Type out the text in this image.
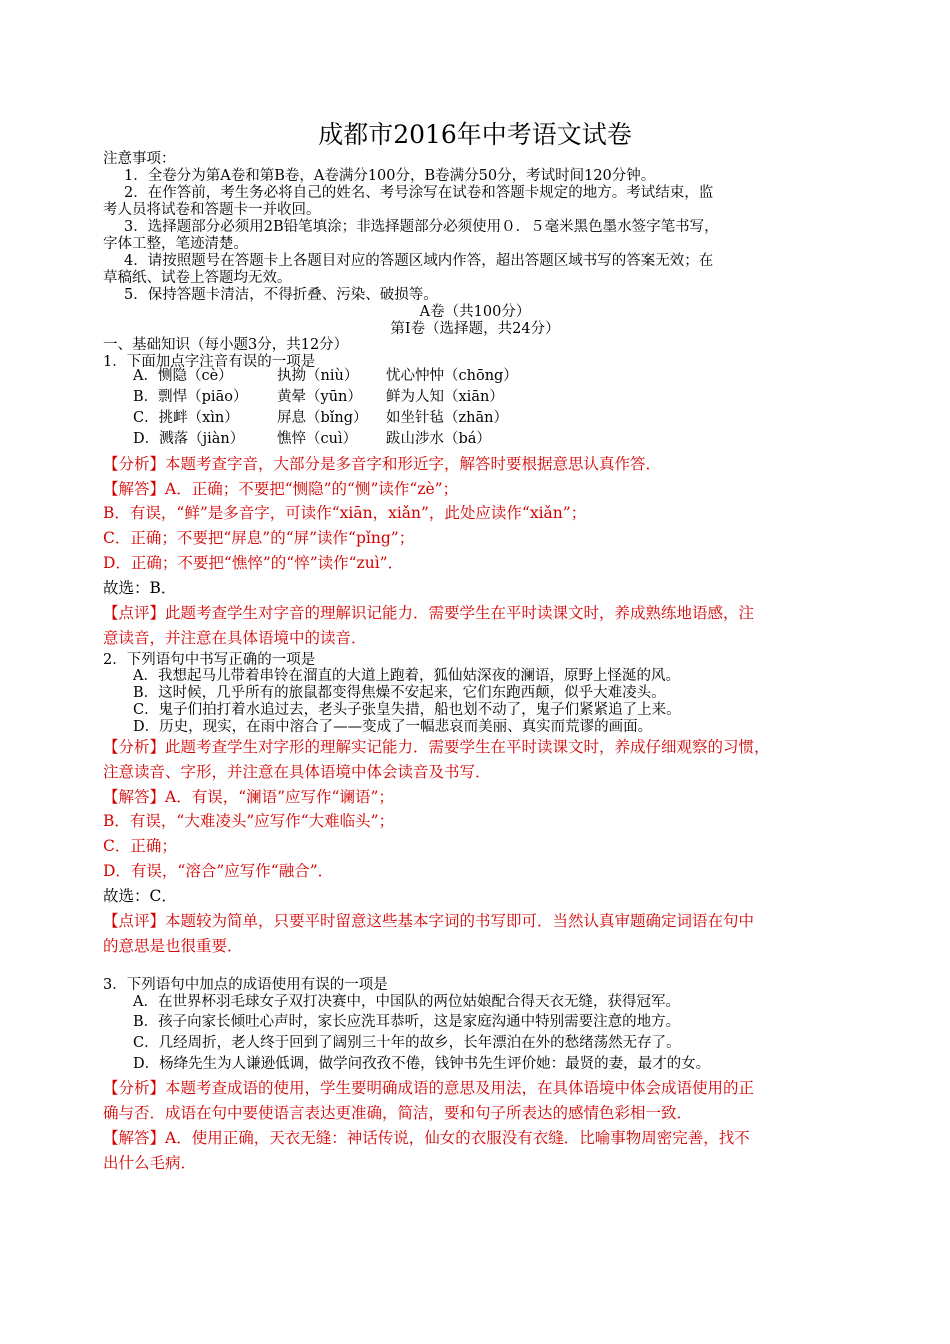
成都市2016年中考语文试卷
注意事项：
1．全卷分为第A卷和第B卷，A卷满分100分，B卷满分50分，考试时间120分钟。
2．在作答前，考生务必将自己的姓名、考号涂写在试卷和答题卡规定的地方。考试结束，监
考人员将试卷和答题卡一并收回。
3．选择题部分必须用2B铅笔填涂；非选择题部分必须使用０．５毫米黑色墨水签字笔书写，
字体工整，笔迹清楚。
4．请按照题号在答题卡上各题目对应的答题区域内作答，超出答题区域书写的答案无效；在
草稿纸、试卷上答题均无效。
5．保持答题卡清洁，不得折叠、污染、破损等。
A卷（共100分）
第Ⅰ卷（选择题，共24分）
一、基础知识（每小题3分，共12分）
1．下面加点字注音有误的一项是
A．恻隐（cè）	执拗（niù） 忧心忡忡（chōng）
B．剽悍（piāo） 黄晕（yūn） 鲜为人知（xiān）
C．挑衅（xìn）	屏息（bǐng） 如坐针毡（zhān）
D．溅落（jiàn） 憔悴（cuì） 跋山涉水（bá）
【分析】本题考查字音，大部分是多音字和形近字，解答时要根据意思认真作答．
【解答】A．正确；不要把“恻隐”的“恻”读作“zè”；
B．有误，“鲜”是多音字，可读作“xiān，xiǎn”，此处应读作“xiǎn”；
C．正确；不要把“屏息”的“屏”读作“pǐng”；
D．正确；不要把“憔悴”的“悴”读作“zuì”．
故选：B．
【点评】此题考查学生对字音的理解识记能力．需要学生在平时读课文时，养成熟练地语感，注
意读音，并注意在具体语境中的读音．
2．下列语句中书写正确的一项是
A．我想起马儿带着串铃在溜直的大道上跑着，狐仙姑深夜的澜语，原野上怪涎的风。
B．这时候，几乎所有的旅鼠都变得焦燥不安起来，它们东跑西颠，似乎大难凌头。
C．鬼子们拍打着水追过去，老头子张皇失措，船也划不动了，鬼子们紧紧追了上来。
D．历史，现实，在雨中溶合了——变成了一幅悲哀而美丽、真实而荒谬的画面。
【分析】此题考查学生对字形的理解实记能力．需要学生在平时读课文时，养成仔细观察的习惯，
注意读音、字形，并注意在具体语境中体会读音及书写．
【解答】A．有误，“澜语”应写作“谰语”；
B．有误，“大难凌头”应写作“大难临头”；
C．正确；
D．有误，“溶合”应写作“融合”．
故选：C．
【点评】本题较为简单，只要平时留意这些基本字词的书写即可．当然认真审题确定词语在句中
的意思是也很重要．
3．下列语句中加点的成语使用有误的一项是
A．在世界杯羽毛球女子双打决赛中，中国队的两位姑娘配合得天衣无缝，获得冠军。
B．孩子向家长倾吐心声时，家长应洗耳恭听，这是家庭沟通中特别需要注意的地方。
C．几经周折，老人终于回到了阔别三十年的故乡，长年漂泊在外的愁绪荡然无存了。
D．杨绛先生为人谦逊低调，做学问孜孜不倦，钱钟书先生评价她：最贤的妻，最才的女。
【分析】本题考查成语的使用，学生要明确成语的意思及用法，在具体语境中体会成语使用的正
确与否．成语在句中要使语言表达更准确，简洁，要和句子所表达的感情色彩相一致．
【解答】A．使用正确，天衣无缝：神话传说，仙女的衣服没有衣缝．比喻事物周密完善，找不
出什么毛病．
